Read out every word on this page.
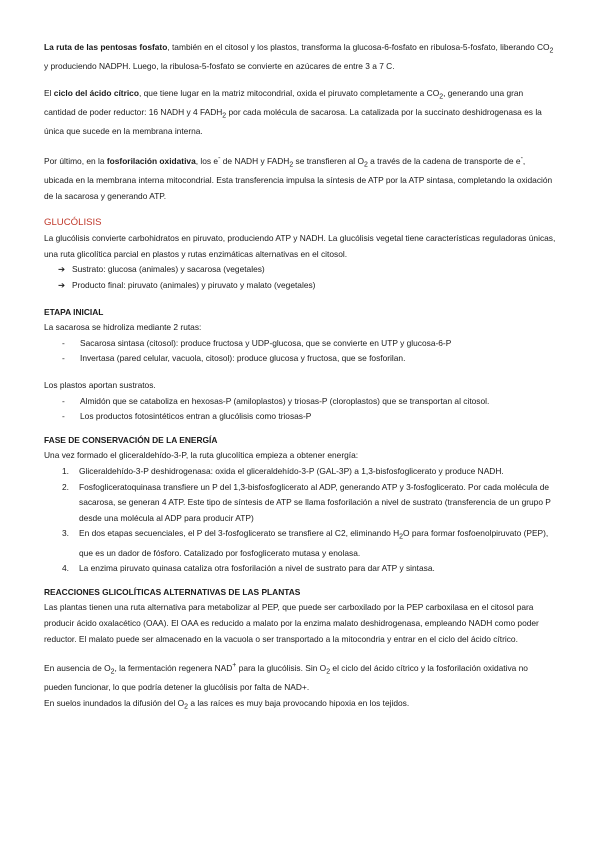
La ruta de las pentosas fosfato, también en el citosol y los plastos, transforma la glucosa-6-fosfato en ribulosa-5-fosfato, liberando $CO_2$ y produciendo NADPH. Luego, la ribulosa-5-fosfato se convierte en azúcares de entre 3 a 7 C.

El ciclo del ácido cítrico, que tiene lugar en la matriz mitocondrial, oxida el piruvato completamente a $CO_2$, generando una gran cantidad de poder reductor: 16 NADH y 4 $FADH_2$ por cada molécula de sacarosa. La catalizada por la succinato deshidrogenasa es la única que sucede en la membrana interna.

Por último, en la fosforilación oxidativa, los e- de NADH y $FADH_2$ se transfieren al $O_2$ a través de la cadena de transporte de e-, ubicada en la membrana interna mitocondrial. Esta transferencia impulsa la síntesis de ATP por la ATP sintasa, completando la oxidación de la sacarosa y generando ATP.

GLUCÓLISIS

La glucólisis convierte carbohidratos en piruvato, produciendo ATP y NADH. La glucólisis vegetal tiene características reguladoras únicas, una ruta glicolítica parcial en plastos y rutas enzimáticas alternativas en el citosol.

➔ Sustrato: glucosa (animales) y sacarosa (vegetales)
➔ Producto final: piruvato (animales) y piruvato y malato (vegetales)
ETAPA INICIAL

La sacarosa se hidroliza mediante 2 rutas:

-	Sacarosa sintasa (citosol): produce fructosa y UDP-glucosa, que se convierte en UTP y glucosa-6-P
-	Invertasa (pared celular, vacuola, citosol): produce glucosa y fructosa, que se fosforilan.

Los plastos aportan sustratos.

-	Almidón que se cataboliza en hexosas-P (amiloplastos) y triosas-P (cloroplastos) que se transportan al citosol.
-	Los productos fotosintéticos entran a glucólisis como triosas-P
FASE DE CONSERVACIÓN DE LA ENERGÍA

Una vez formado el gliceraldehído-3-P, la ruta glucolítica empieza a obtener energía:

1.	Gliceraldehído-3-P deshidrogenasa: oxida el gliceraldehído-3-P (GAL-3P) a 1,3-bisfosfoglicerato y produce NADH.
2.	Fosfogliceratoquinasa transfiere un P del 1,3-bisfosfoglicerato al ADP, generando ATP y 3-fosfoglicerato. Por cada molécula de sacarosa, se generan 4 ATP. Este tipo de síntesis de ATP se llama fosforilación a nivel de sustrato (transferencia de un grupo P desde una molécula al ADP para producir ATP)
3.	En dos etapas secuenciales, el P del 3-fosfoglicerato se transfiere al C2, eliminando $H_2O$ para formar fosfoenolpiruvato (PEP), que es un dador de fósforo. Catalizado por fosfoglicerato mutasa y enolasa.
4.	La enzima piruvato quinasa cataliza otra fosforilación a nivel de sustrato para dar ATP y sintasa.
REACCIONES GLICOLÍTICAS ALTERNATIVAS DE LAS PLANTAS

Las plantas tienen una ruta alternativa para metabolizar al PEP, que puede ser carboxilado por la PEP carboxilasa en el citosol para producir ácido oxalacético (OAA). El OAA es reducido a malato por la enzima malato deshidrogenasa, empleando NADH como poder reductor. El malato puede ser almacenado en la vacuola o ser transportado a la mitocondria y entrar en el ciclo del ácido cítrico.

En ausencia de $O_2$, la fermentación regenera NAD+ para la glucólisis. Sin $O_2$ el ciclo del ácido cítrico y la fosforilación oxidativa no pueden funcionar, lo que podría detener la glucólisis por falta de NAD+.

En suelos inundados la difusión del $O_2$ a las raíces es muy baja provocando hipoxia en los tejidos.
